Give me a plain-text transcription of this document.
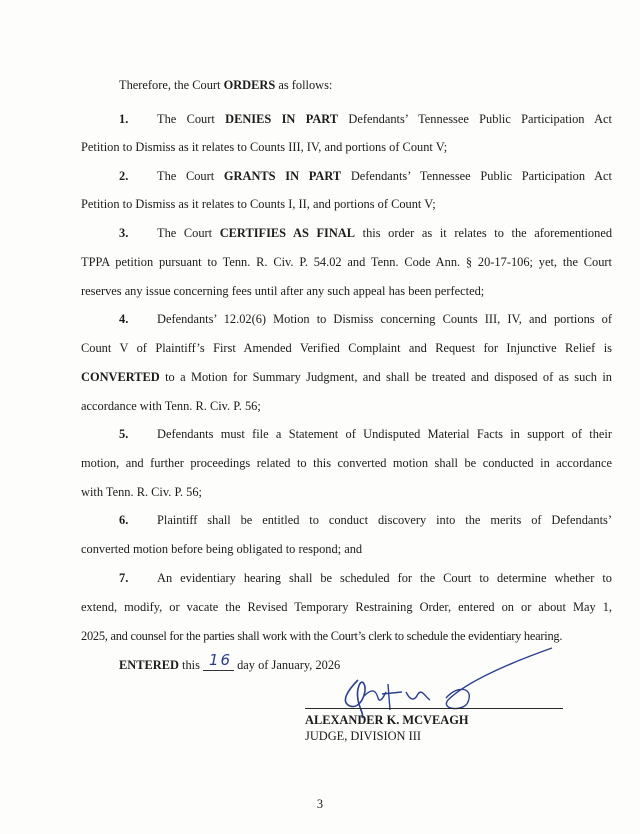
Therefore, the Court ORDERS as follows:
1. The Court DENIES IN PART Defendants’ Tennessee Public Participation Act
Petition to Dismiss as it relates to Counts III, IV, and portions of Count V;
2. The Court GRANTS IN PART Defendants’ Tennessee Public Participation Act
Petition to Dismiss as it relates to Counts I, II, and portions of Count V;
3. The Court CERTIFIES AS FINAL this order as it relates to the aforementioned
TPPA petition pursuant to Tenn. R. Civ. P. 54.02 and Tenn. Code Ann. § 20-17-106; yet, the Court
reserves any issue concerning fees until after any such appeal has been perfected;
4. Defendants’ 12.02(6) Motion to Dismiss concerning Counts III, IV, and portions of
Count V of Plaintiff’s First Amended Verified Complaint and Request for Injunctive Relief is
CONVERTED to a Motion for Summary Judgment, and shall be treated and disposed of as such in
accordance with Tenn. R. Civ. P. 56;
5. Defendants must file a Statement of Undisputed Material Facts in support of their
motion, and further proceedings related to this converted motion shall be conducted in accordance
with Tenn. R. Civ. P. 56;
6. Plaintiff shall be entitled to conduct discovery into the merits of Defendants’
converted motion before being obligated to respond; and
7. An evidentiary hearing shall be scheduled for the Court to determine whether to
extend, modify, or vacate the Revised Temporary Restraining Order, entered on or about May 1,
2025, and counsel for the parties shall work with the Court’s clerk to schedule the evidentiary hearing.
ENTERED this 16 day of January, 2026
ALEXANDER K. MCVEAGH
JUDGE, DIVISION III
3
